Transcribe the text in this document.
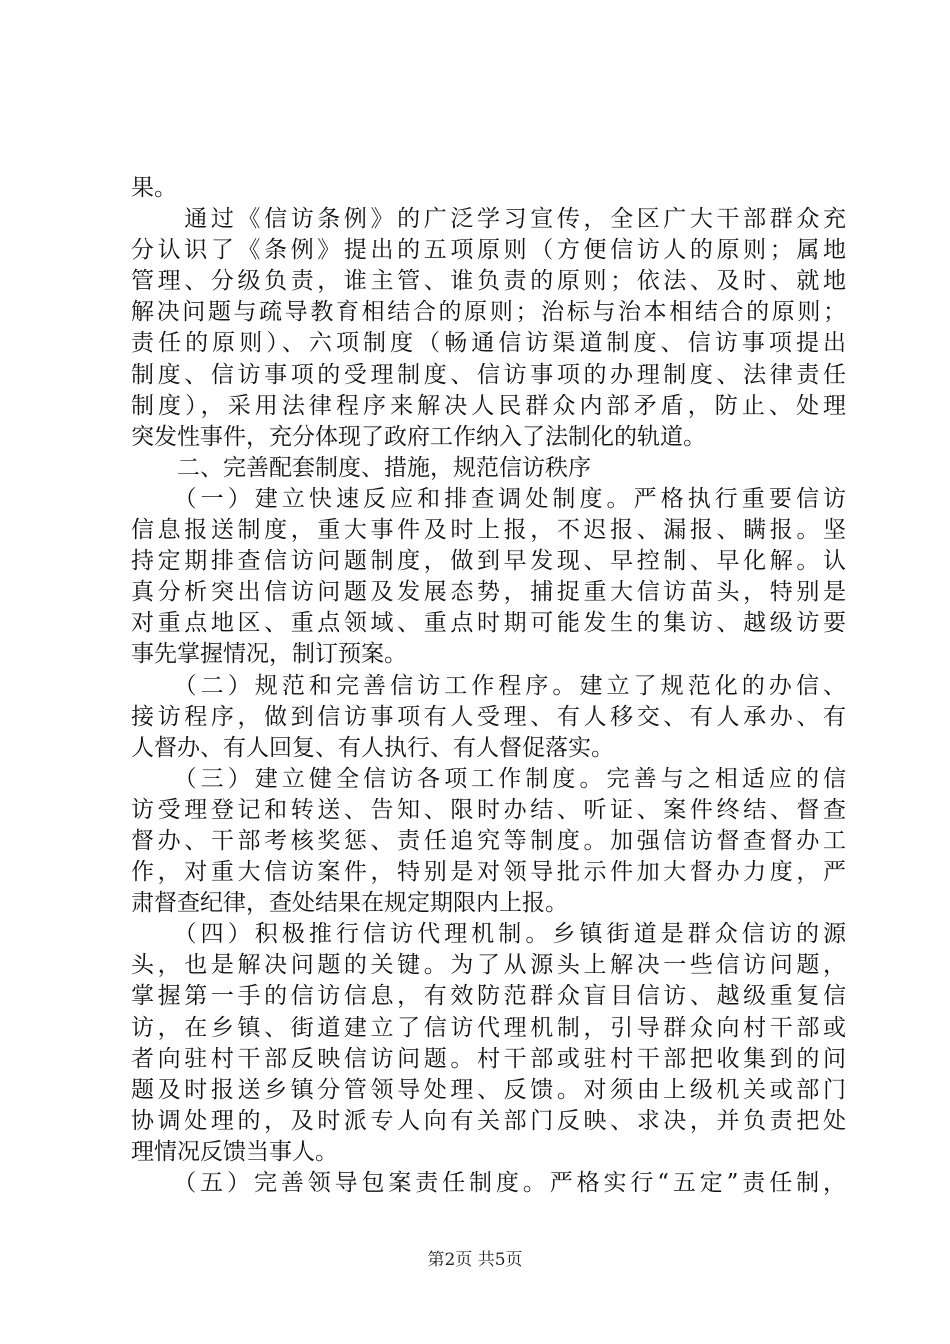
果。
　　通过《信访条例》的广泛学习宣传，全区广大干部群众充
分认识了《条例》提出的五项原则（方便信访人的原则；属地
管理、分级负责，谁主管、谁负责的原则；依法、及时、就地
解决问题与疏导教育相结合的原则；治标与治本相结合的原则；
责任的原则）、六项制度（畅通信访渠道制度、信访事项提出
制度、信访事项的受理制度、信访事项的办理制度、法律责任
制度），采用法律程序来解决人民群众内部矛盾，防止、处理
突发性事件，充分体现了政府工作纳入了法制化的轨道。
　　二、完善配套制度、措施，规范信访秩序
　　（一）建立快速反应和排查调处制度。严格执行重要信访
信息报送制度，重大事件及时上报，不迟报、漏报、瞒报。坚
持定期排查信访问题制度，做到早发现、早控制、早化解。认
真分析突出信访问题及发展态势，捕捉重大信访苗头，特别是
对重点地区、重点领域、重点时期可能发生的集访、越级访要
事先掌握情况，制订预案。
　　（二）规范和完善信访工作程序。建立了规范化的办信、
接访程序，做到信访事项有人受理、有人移交、有人承办、有
人督办、有人回复、有人执行、有人督促落实。
　　（三）建立健全信访各项工作制度。完善与之相适应的信
访受理登记和转送、告知、限时办结、听证、案件终结、督查
督办、干部考核奖惩、责任追究等制度。加强信访督查督办工
作，对重大信访案件，特别是对领导批示件加大督办力度，严
肃督查纪律，查处结果在规定期限内上报。
　　（四）积极推行信访代理机制。乡镇街道是群众信访的源
头，也是解决问题的关键。为了从源头上解决一些信访问题，
掌握第一手的信访信息，有效防范群众盲目信访、越级重复信
访，在乡镇、街道建立了信访代理机制，引导群众向村干部或
者向驻村干部反映信访问题。村干部或驻村干部把收集到的问
题及时报送乡镇分管领导处理、反馈。对须由上级机关或部门
协调处理的，及时派专人向有关部门反映、求决，并负责把处
理情况反馈当事人。
　　（五）完善领导包案责任制度。严格实行“五定”责任制，
第2页 共5页
